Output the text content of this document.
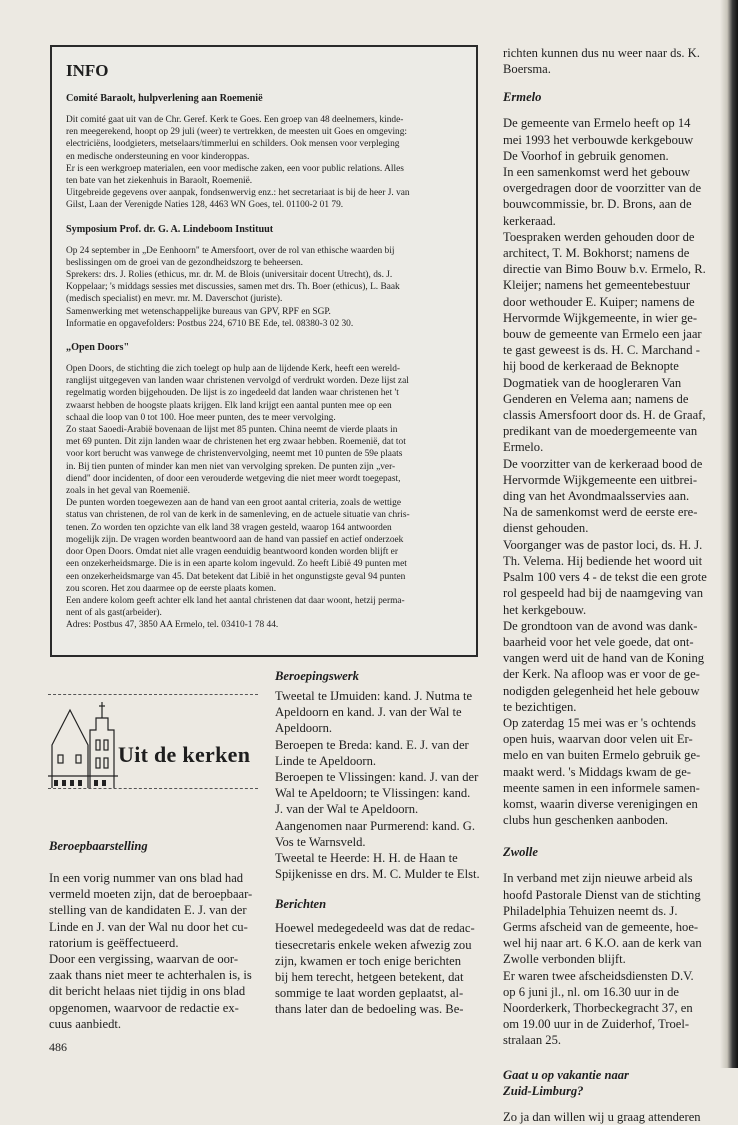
INFO
Comité Baraolt, hulpverlening aan Roemenië

Dit comité gaat uit van de Chr. Geref. Kerk te Goes. Een groep van 48 deelnemers, kinde-
ren meegerekend, hoopt op 29 juli (weer) te vertrekken, de meesten uit Goes en omgeving:
electriciëns, loodgieters, metselaars/timmerlui en schilders. Ook mensen voor verpleging
en medische ondersteuning en voor kinderoppas.
Er is een werkgroep materialen, een voor medische zaken, een voor public relations. Alles
ten bate van het ziekenhuis in Baraolt, Roemenië.
Uitgebreide gegevens over aanpak, fondsenwervig enz.: het secretariaat is bij de heer J. van
Gilst, Laan der Verenigde Naties 128, 4463 WN Goes, tel. 01100-2 01 79.

Symposium Prof. dr. G. A. Lindeboom Instituut

Op 24 september in „De Eenhoorn" te Amersfoort, over de rol van ethische waarden bij
beslissingen om de groei van de gezondheidszorg te beheersen.
Sprekers: drs. J. Rolies (ethicus, mr. dr. M. de Blois (universitair docent Utrecht), ds. J.
Koppelaar; 's middags sessies met discussies, samen met drs. Th. Boer (ethicus), L. Baak
(medisch specialist) en mevr. mr. M. Daverschot (juriste).
Samenwerking met wetenschappelijke bureaus van GPV, RPF en SGP.
Informatie en opgavefolders: Postbus 224, 6710 BE Ede, tel. 08380-3 02 30.

„Open Doors"

Open Doors, de stichting die zich toelegt op hulp aan de lijdende Kerk, heeft een wereld-
ranglijst uitgegeven van landen waar christenen vervolgd of verdrukt worden. Deze lijst zal
regelmatig worden bijgehouden. De lijst is zo ingedeeld dat landen waar christenen het 't
zwaarst hebben de hoogste plaats krijgen. Elk land krijgt een aantal punten mee op een
schaal die loop van 0 tot 100. Hoe meer punten, des te meer vervolging.
Zo staat Saoedi-Arabië bovenaan de lijst met 85 punten. China neemt de vierde plaats in
met 69 punten. Dit zijn landen waar de christenen het erg zwaar hebben. Roemenië, dat tot
voor kort berucht was vanwege de christenvervolging, neemt met 10 punten de 59e plaats
in. Bij tien punten of minder kan men niet van vervolging spreken. De punten zijn „ver-
diend" door incidenten, of door een verouderde wetgeving die niet meer wordt toegepast,
zoals in het geval van Roemenië.
De punten worden toegewezen aan de hand van een groot aantal criteria, zoals de wettige
status van christenen, de rol van de kerk in de samenleving, en de actuele situatie van chris-
tenen. Zo worden ten opzichte van elk land 38 vragen gesteld, waarop 164 antwoorden
mogelijk zijn. De vragen worden beantwoord aan de hand van passief en actief onderzoek
door Open Doors. Omdat niet alle vragen eenduidig beantwoord konden worden blijft er
een onzekerheidsmarge. Die is in een aparte kolom ingevuld. Zo heeft Libië 49 punten met
een onzekerheidsmarge van 45. Dat betekent dat Libië in het ongunstigste geval 94 punten
zou scoren. Het zou daarmee op de eerste plaats komen.
Een andere kolom geeft achter elk land het aantal christenen dat daar woont, hetzij perma-
nent of als gast(arbeider).
Adres: Postbus 47, 3850 AA Ermelo, tel. 03410-1 78 44.

Uit de kerken
Beroepbaarstelling

In een vorig nummer van ons blad had
vermeld moeten zijn, dat de beroepbaar-
stelling van de kandidaten E. J. van der
Linde en J. van der Wal nu door het cu-
ratorium is geëffectueerd.
Door een vergissing, waarvan de oor-
zaak thans niet meer te achterhalen is, is
dit bericht helaas niet tijdig in ons blad
opgenomen, waarvoor de redactie ex-
cuus aanbiedt.

Beroepingswerk

Tweetal te IJmuiden: kand. J. Nutma te
Apeldoorn en kand. J. van der Wal te
Apeldoorn.
Beroepen te Breda: kand. E. J. van der
Linde te Apeldoorn.
Beroepen te Vlissingen: kand. J. van der
Wal te Apeldoorn; te Vlissingen: kand.
J. van der Wal te Apeldoorn.
Aangenomen naar Purmerend: kand. G.
Vos te Warnsveld.
Tweetal te Heerde: H. H. de Haan te
Spijkenisse en drs. M. C. Mulder te Elst.

Berichten

Hoewel medegedeeld was dat de redac-
tiesecretaris enkele weken afwezig zou
zijn, kwamen er toch enige berichten
bij hem terecht, hetgeen betekent, dat
sommige te laat worden geplaatst, al-
thans later dan de bedoeling was. Be-

richten kunnen dus nu weer naar ds. K.
Boersma.

Ermelo

De gemeente van Ermelo heeft op 14
mei 1993 het verbouwde kerkgebouw
De Voorhof in gebruik genomen.
In een samenkomst werd het gebouw
overgedragen door de voorzitter van de
bouwcommissie, br. D. Brons, aan de
kerkeraad.
Toespraken werden gehouden door de
architect, T. M. Bokhorst; namens de
directie van Bimo Bouw b.v. Ermelo, R.
Kleijer; namens het gemeentebestuur
door wethouder E. Kuiper; namens de
Hervormde Wijkgemeente, in wier ge-
bouw de gemeente van Ermelo een jaar
te gast geweest is ds. H. C. Marchand -
hij bood de kerkeraad de Beknopte
Dogmatiek van de hoogleraren Van
Genderen en Velema aan; namens de
classis Amersfoort door ds. H. de Graaf,
predikant van de moedergemeente van
Ermelo.
De voorzitter van de kerkeraad bood de
Hervormde Wijkgemeente een uitbrei-
ding van het Avondmaalsservies aan.
Na de samenkomst werd de eerste ere-
dienst gehouden.
Voorganger was de pastor loci, ds. H. J.
Th. Velema. Hij bediende het woord uit
Psalm 100 vers 4 - de tekst die een grote
rol gespeeld had bij de naamgeving van
het kerkgebouw.
De grondtoon van de avond was dank-
baarheid voor het vele goede, dat ont-
vangen werd uit de hand van de Koning
der Kerk. Na afloop was er voor de ge-
nodigden gelegenheid het hele gebouw
te bezichtigen.
Op zaterdag 15 mei was er 's ochtends
open huis, waarvan door velen uit Er-
melo en van buiten Ermelo gebruik ge-
maakt werd. 's Middags kwam de ge-
meente samen in een informele samen-
komst, waarin diverse verenigingen en
clubs hun geschenken aanboden.

Zwolle

In verband met zijn nieuwe arbeid als
hoofd Pastorale Dienst van de stichting
Philadelphia Tehuizen neemt ds. J.
Germs afscheid van de gemeente, hoe-
wel hij naar art. 6 K.O. aan de kerk van
Zwolle verbonden blijft.
Er waren twee afscheidsdiensten D.V.
op 6 juni jl., nl. om 16.30 uur in de
Noorderkerk, Thorbeckegracht 37, en
om 19.00 uur in de Zuiderhof, Troel-
stralaan 25.

Gaat u op vakantie naar
Zuid-Limburg?

Zo ja dan willen wij u graag attenderen

486
